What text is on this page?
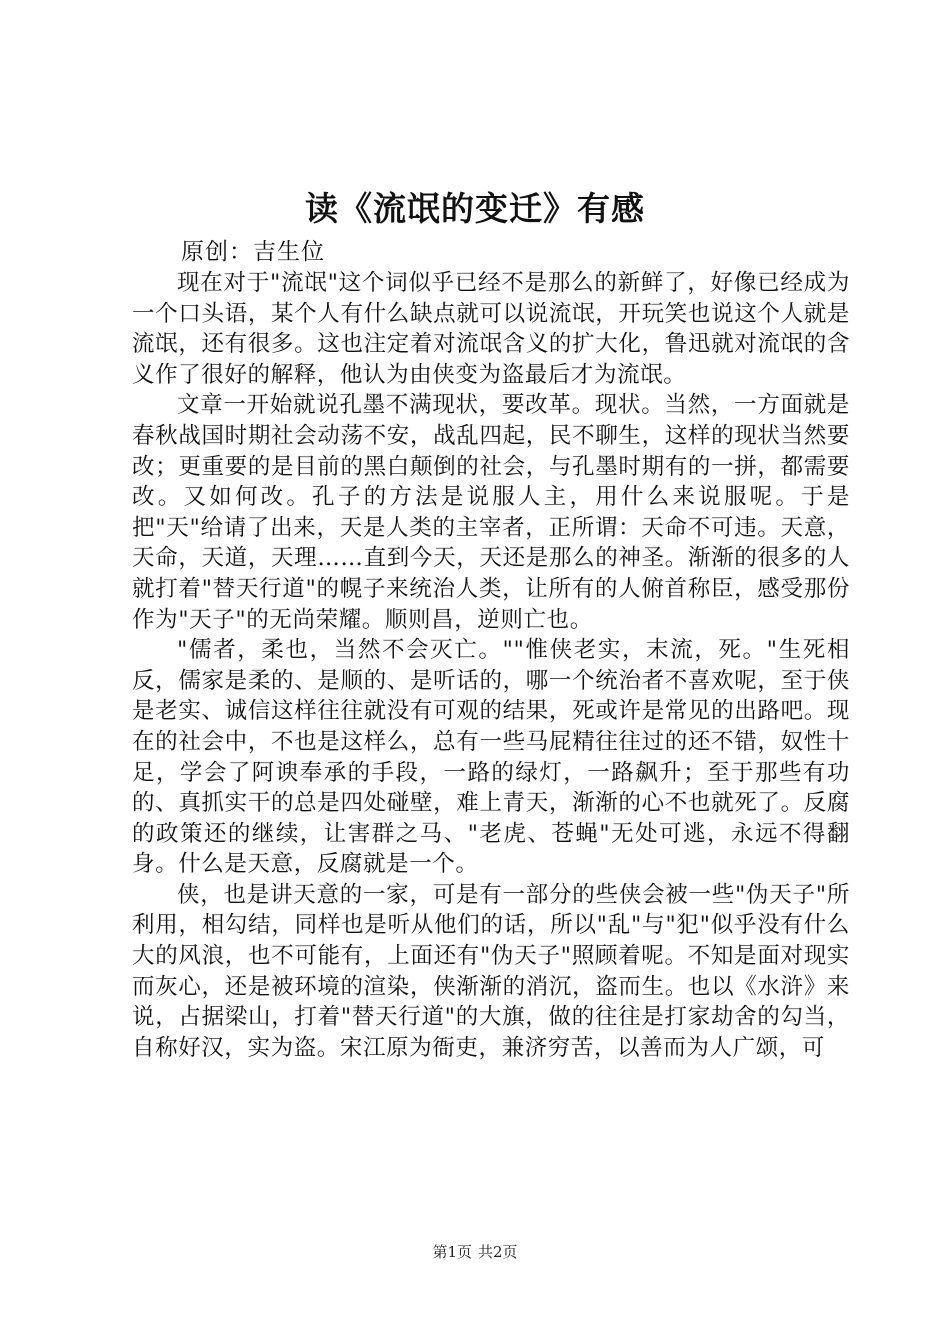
读《流氓的变迁》有感
原创：吉生位

现在对于"流氓"这个词似乎已经不是那么的新鲜了，好像已经成为一个口头语，某个人有什么缺点就可以说流氓，开玩笑也说这个人就是流氓，还有很多。这也注定着对流氓含义的扩大化，鲁迅就对流氓的含义作了很好的解释，他认为由侠变为盗最后才为流氓。

文章一开始就说孔墨不满现状，要改革。现状。当然，一方面就是春秋战国时期社会动荡不安，战乱四起，民不聊生，这样的现状当然要改；更重要的是目前的黑白颠倒的社会，与孔墨时期有的一拼，都需要改。又如何改。孔子的方法是说服人主，用什么来说服呢。于是把"天"给请了出来，天是人类的主宰者，正所谓：天命不可违。天意，天命，天道，天理……直到今天，天还是那么的神圣。渐渐的很多的人就打着"替天行道"的幌子来统治人类，让所有的人俯首称臣，感受那份作为"天子"的无尚荣耀。顺则昌，逆则亡也。

"儒者，柔也，当然不会灭亡。""惟侠老实，末流，死。"生死相反，儒家是柔的、是顺的、是听话的，哪一个统治者不喜欢呢，至于侠是老实、诚信这样往往就没有可观的结果，死或许是常见的出路吧。现在的社会中，不也是这样么，总有一些马屁精往往过的还不错，奴性十足，学会了阿谀奉承的手段，一路的绿灯，一路飙升；至于那些有功的、真抓实干的总是四处碰壁，难上青天，渐渐的心不也就死了。反腐的政策还的继续，让害群之马、"老虎、苍蝇"无处可逃，永远不得翻身。什么是天意，反腐就是一个。

侠，也是讲天意的一家，可是有一部分的些侠会被一些"伪天子"所利用，相勾结，同样也是听从他们的话，所以"乱"与"犯"似乎没有什么大的风浪，也不可能有，上面还有"伪天子"照顾着呢。不知是面对现实而灰心，还是被环境的渲染，侠渐渐的消沉，盗而生。也以《水浒》来说，占据梁山，打着"替天行道"的大旗，做的往往是打家劫舍的勾当，自称好汉，实为盗。宋江原为衙吏，兼济穷苦，以善而为人广颂，可

第1页 共2页
